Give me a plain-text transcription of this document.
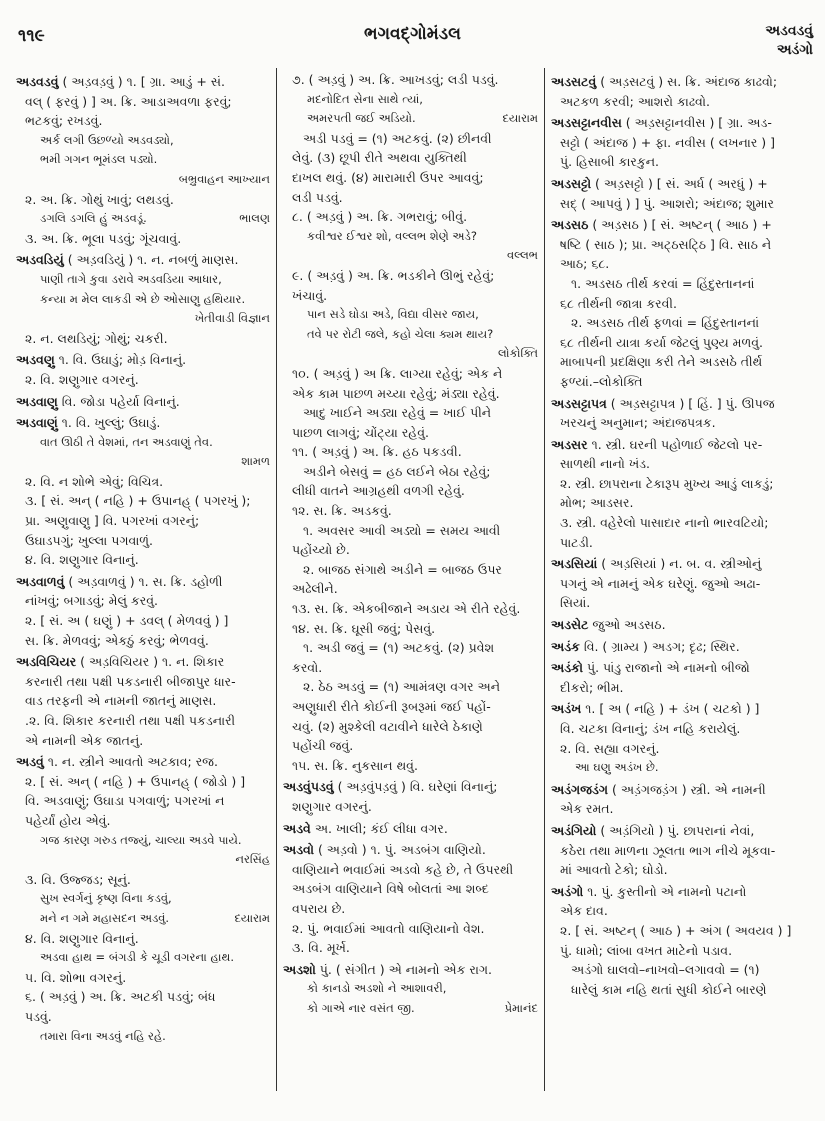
૧૧૯	ભગવદ્ગોમંડલ	અડવડવું
અડંગો
અડવડવું ( અડ઼વડ઼વું ) ૧. [ ગ્રા. આડું + સં.
વલ્ ( ફરવું ) ] અ. ક્રિ. આડાઅવળા ફરવું;
ભટકવું; રખડવું.
અર્ક લગી ઉછળ્યો અડવડ્યો,
ભમી ગગન ભૂમંડલ પડ્યો.
બભ્રુવાહન આખ્યાન
૨. અ. ક્રિ. ગોથું ખાવું; લથડવું.
ડગલિ ડગલિ હું અડવડૂં.	ભાલણ
૩. અ. ક્રિ. ભૂલા પડવું; ગૂંચવાવું.
અડવડિયું ( અડ઼વડિયું ) ૧. ન. નબળું માણસ.
પાણી તાગે કુવા ડરાવે અડવડિયા આધાર,
કન્યા મ મેલ લાકડી એ છે ઓસાણુ હથિયાર.
ખેતીવાડી વિજ્ઞાન
૨. ન. લથડિયું; ગોથું; ચકરી.
અડવણુ ૧. વિ. ઉઘાડું; મોડ઼ વિનાનું.
૨. વિ. શણુગાર વગરનું.
અડવાણુ વિ. જોડા પહેર્યા વિનાનું.
અડવાણું ૧. વિ. ખુલ્લું; ઉઘાડું.
વાત ઊઠી તે વેશમાં, તન અડવાણું તેવ.
શામળ
૨. વિ. ન શોભે એવું; વિચિત્ર.
૩. [ સં. અન્ ( નહિ ) + ઉપાનહ્ ( પગરખું );
પ્રા. અણુવાણુ ] વિ. પગરખાં વગરનું;
ઉઘાડપગું; ખુલ્લા પગવાળું.
૪. વિ. શણુગાર વિનાનું.
અડવાળવું ( અડ઼વાળવું ) ૧. સ. ક્રિ. ડહોળી
નાંખવું; બગાડવું; મેલું કરવું.
૨. [ સં. અ ( ઘણું ) + ડવલ્ ( મેળવવું ) ]
સ. ક્રિ. મેળવવું; એકઠું કરવું; ભેળવવું.
અડવિચિયર ( અડ઼વિચિયર ) ૧. ન. શિકાર
કરનારી તથા પક્ષી પકડનારી બીજાપુર ધાર-
વાડ તરફની એ નામની જાતનું માણસ.
.૨. વિ. શિકાર કરનારી તથા પક્ષી પકડનારી
એ નામની એક જાતનું.
અડવું ૧. ન. સ્ત્રીને આવતો અટકાવ; રજ.
૨. [ સં. અન્ ( નહિ ) + ઉપાનહ્ ( જોડો ) ]
વિ. અડવાણું; ઉઘાડા પગવાળું; પગરખાં ન
પહેર્યાં હોય એવું.
ગજ કારણ ગરુડ તજ્યું, ચાલ્યા અડવે પાયે.
નરસિંહ
૩. વિ. ઉજ્જડ; સૂનું.
સુખ સ્વર્ગનું કૃષ્ણ વિના કડવું,
મને ન ગમે મહાસદન અડવું.	દયારામ
૪. વિ. શણુગાર વિનાનું.
અડવા હાથ = બંગડી કે ચૂડી વગરના હાથ.
૫. વિ. શોભા વગરનું.
૬. ( અડ઼વું ) અ. ક્રિ. અટકી પડવું; બંધ
પડવું.
તમારા વિના અડવું નહિ રહે.
૭. ( અડ઼વું ) અ. ક્રિ. આખડવું; લડી પડવું.
મદનોદિત સેના સાથે ત્યાં,
અમરપતી જઈ અડિયો.	દયારામ
અડી પડવું = (૧) અટકવું. (૨) છીનવી
લેવું. (૩) છૂપી રીતે અથવા યુક્તિથી
દાખલ થવું. (૪) મારામારી ઉપર આવવું;
લડી પડવું.
૮. ( અડ઼વું ) અ. ક્રિ. ગભરાવું; બીવું.
કવીશ્વર ઈશ્વર શો, વલ્લભ શેણે અડે?
વલ્લભ
૯. ( અડ઼વું ) અ. ક્રિ. ભડકીને ઊભું રહેવું;
ખંચાવું.
પાન સડે ઘોડા અડે, વિદ્યા વીસર જાય,
તવે પર રોટી જલે, કહો ચેલા ક્યમ થાય?
લોકોક્તિ
૧૦. ( અડ઼વું ) અ ક્રિ. લાગ્યા રહેવું; એક ને
એક કામ પાછળ મચ્યા રહેવું; મંડ્યા રહેવું.
આદુ ખાઈને અડ્યા રહેવું = ખાઈ પીને
પાછળ લાગવું; ચોંટ્યા રહેવું.
૧૧. ( અડ઼વું ) અ. ક્રિ. હઠ પકડવી.
અડીને બેસવું = હઠ લઈને બેઠા રહેવું;
લીધી વાતને આગ્રહથી વળગી રહેવું.
૧૨. સ. ક્રિ. અડકવું.
૧. અવસર આવી અડ્યો = સમય આવી
પહોંચ્યો છે.
૨. બાજઠ સંગાથે અડીને = બાજઠ ઉપર
અઢેલીને.
૧૩. સ. ક્રિ. એકબીજાને અડાય એ રીતે રહેવું.
૧૪. સ. ક્રિ. ઘૂસી જવું; પેસવું.
૧. અડી જવું = (૧) અટકવું. (૨) પ્રવેશ
કરવો.
૨. ઠેઠ અડવું = (૧) આમંત્રણ વગર અને
અણુધારી રીતે કોઈની રૂબરૂમાં જઈ પહોં-
ચવું. (૨) મુશ્કેલી વટાવીને ધારેલે ઠેકાણે
પહોંચી જવું.
૧૫. સ. ક્રિ. નુકસાન થવું.
અડવુંપડવું ( અડ઼વુંપડ઼વું ) વિ. ઘરેણાં વિનાનું;
શણુગાર વગરનું.
અડવે અ. ખાલી; કંઈ લીધા વગર.
અડવો ( અડ઼વો ) ૧. પું. અડબંગ વાણિયો.
વાણિયાને ભવાઈમાં અડવો કહે છે, તે ઉપરથી
અડબંગ વાણિયાને વિષે બોલતાં આ શબ્દ
વપરાય છે.
૨. પું. ભવાઈમાં આવતો વાણિયાનો વેશ.
૩. વિ. મૂર્ખ.
અડશો પું. ( સંગીત ) એ નામનો એક રાગ.
કો કાનડો અડશો ને આશાવરી,
કો ગાએ નાર વસંત જી.	પ્રેમાનંદ
અડસટવું ( અડ઼સટવું ) સ. ક્રિ. અંદાજ કાઢવો;
અટકળ કરવી; આશરો કાઢવો.
અડસટ્ટાનવીસ ( અડ઼સટ્ટાનવીસ ) [ ગ્રા. અડ-
સટ્ટો ( અંદાજ ) + ફા. નવીસ ( લખનાર ) ]
પું. હિસાબી કારકુન.
અડસટ્ટો ( અડ઼સટ્ટો ) [ સં. અર્ધ ( અરધું ) +
સદ્ ( આપવું ) ] પું. આશરો; અંદાજ; શુમાર
અડસઠ ( અડ઼સઠ ) [ સં. અષ્ટન્ ( આઠ ) +
ષષ્ટિ ( સાઠ ); પ્રા. અટ્ઠસટ્ઠિ ] વિ. સાઠ ને
આઠ; ૬૮.
૧. અડસઠ તીર્થ કરવાં = હિંદુસ્તાનનાં
૬૮ તીર્થની જાત્રા કરવી.
૨. અડસઠ તીર્થ ફળવાં = હિંદુસ્તાનનાં
૬૮ તીર્થની યાત્રા કર્યા જેટલું પુણ્ય મળવું.
માબાપની પ્રદક્ષિણા કરી તેને અડસઠે તીર્થ
ફળ્યાં.–લોકોક્તિ
અડસટ્ટાપત્ર ( અડ઼સટ્ટાપત્ર ) [ હિં. ] પું. ઊપજ
ખરચનું અનુમાન; અંદાજપત્રક.
અડસર ૧. સ્ત્રી. ઘરની પહોળાઈ જેટલો પર-
સાળથી નાનો ખંડ.
૨. સ્ત્રી. છાપરાના ટેકારૂપ મુખ્ય આડું લાકડું;
મોભ; આડસર.
૩. સ્ત્રી. વહેરેલો પાસાદાર નાનો ભારવટિયો;
પાટડી.
અડસિયાં ( અડ઼સિયાં ) ન. બ. વ. સ્ત્રીઓનું
પગનું એ નામનું એક ઘરેણું. જુઓ અઢા-
સિયાં.
અડસેટ જુઓ અડસઠ.
અડંક વિ. ( ગ્રામ્ય ) અડગ; દૃઢ; સ્થિર.
અડંકો પું. પાંડુ રાજાનો એ નામનો બીજો
દીકરો; ભીમ.
અડંખ ૧. [ અ ( નહિ ) + ડંખ ( ચટકો ) ]
વિ. ચટકા વિનાનું; ડંખ નહિ કરાયેલું.
૨. વિ. સહ્યા વગરનું.
આ ઘણુ અડંખ છે.
અડંગજડંગ ( અડ઼ંગજડ઼ંગ ) સ્ત્રી. એ નામની
એક રમત.
અડંગિયો ( અડ઼ંગિયો ) પું. છાપરાનાં નેવાં,
કઠેરા તથા માળના ઝૂલતા ભાગ નીચે મૂકવા-
માં આવતો ટેકો; ઘોડો.
અડંગો ૧. પું. કુસ્તીનો એ નામનો પટાનો
એક દાવ.
૨. [ સં. અષ્ટન્ ( આઠ ) + અંગ ( અવયવ ) ]
પું. ધામો; લાંબા વખત માટેનો પડાવ.
અડંગો ઘાલવો–નાખવો–લગાવવો = (૧)
ધારેલું કામ નહિ થતાં સુધી કોઈને બારણે
